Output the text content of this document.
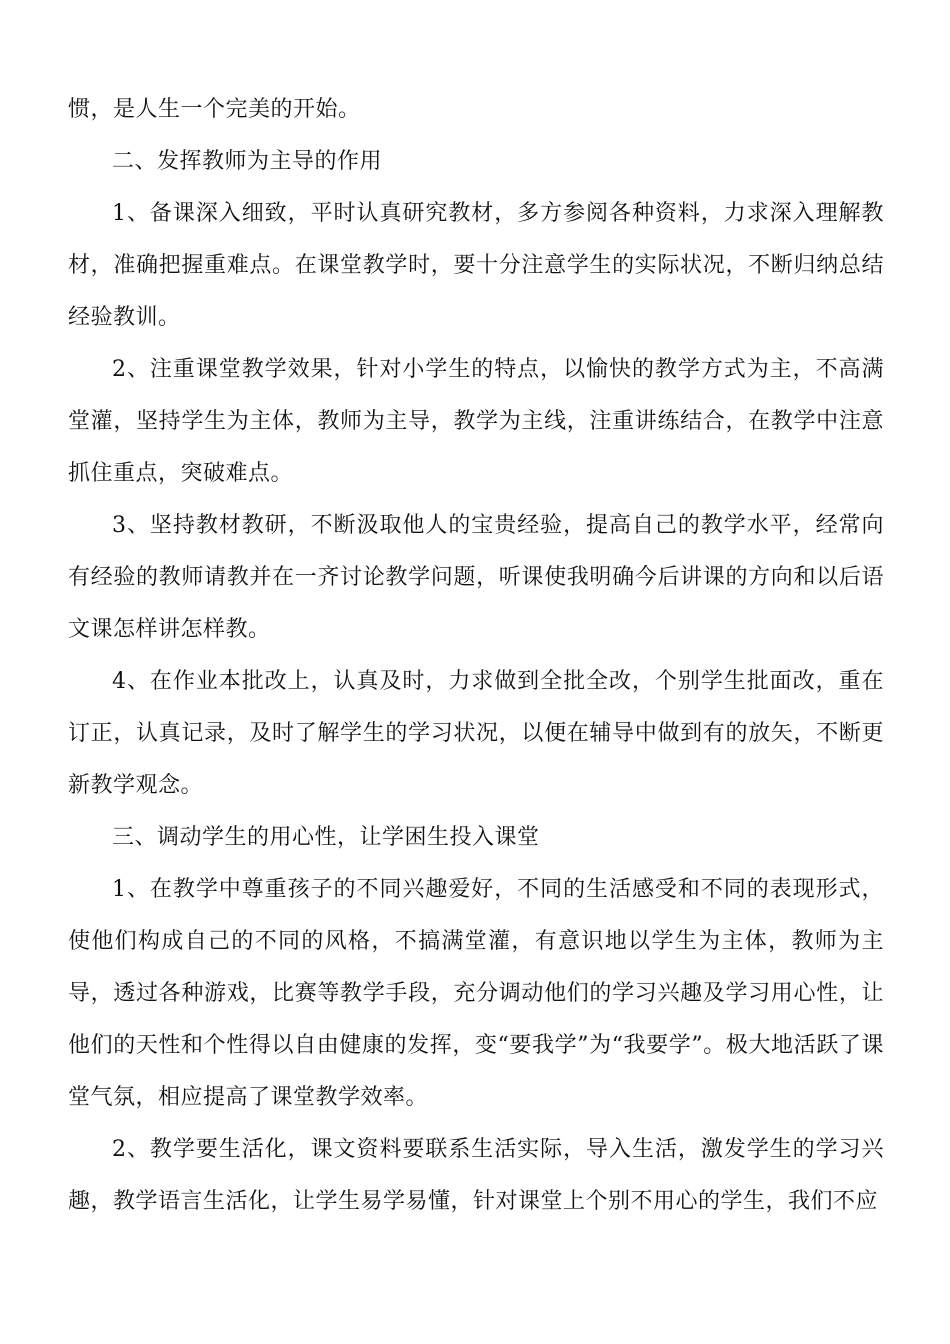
惯，是人生一个完美的开始。

二、发挥教师为主导的作用

1、备课深入细致，平时认真研究教材，多方参阅各种资料，力求深入理解教材，准确把握重难点。在课堂教学时，要十分注意学生的实际状况，不断归纳总结经验教训。

2、注重课堂教学效果，针对小学生的特点，以愉快的教学方式为主，不高满堂灌，坚持学生为主体，教师为主导，教学为主线，注重讲练结合，在教学中注意抓住重点，突破难点。

3、坚持教材教研，不断汲取他人的宝贵经验，提高自己的教学水平，经常向有经验的教师请教并在一齐讨论教学问题，听课使我明确今后讲课的方向和以后语文课怎样讲怎样教。

4、在作业本批改上，认真及时，力求做到全批全改，个别学生批面改，重在订正，认真记录，及时了解学生的学习状况，以便在辅导中做到有的放矢，不断更新教学观念。

三、调动学生的用心性，让学困生投入课堂

1、在教学中尊重孩子的不同兴趣爱好，不同的生活感受和不同的表现形式，使他们构成自己的不同的风格，不搞满堂灌，有意识地以学生为主体，教师为主导，透过各种游戏，比赛等教学手段，充分调动他们的学习兴趣及学习用心性，让他们的天性和个性得以自由健康的发挥，变“要我学”为“我要学”。极大地活跃了课堂气氛，相应提高了课堂教学效率。

2、教学要生活化，课文资料要联系生活实际，导入生活，激发学生的学习兴趣，教学语言生活化，让学生易学易懂，针对课堂上个别不用心的学生，我们不应
